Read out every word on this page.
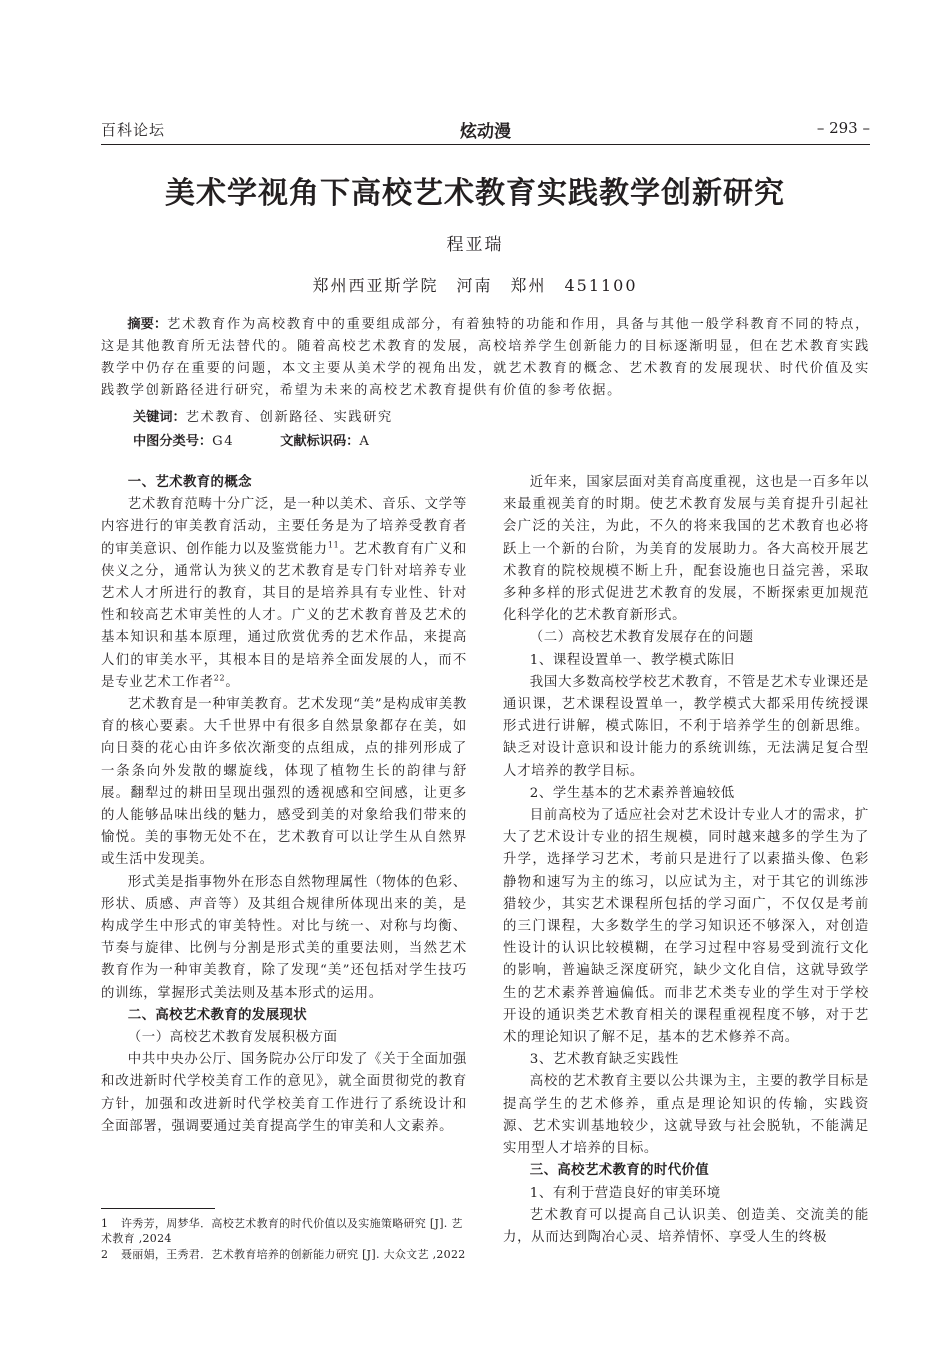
百科论坛	炫动漫	– 293 –
美术学视角下高校艺术教育实践教学创新研究
程亚瑞
郑州西亚斯学院　河南　郑州　451100

摘要：艺术教育作为高校教育中的重要组成部分，有着独特的功能和作用，具备与其他一般学科教育不同的特点，这是其他教育所无法替代的。随着高校艺术教育的发展，高校培养学生创新能力的目标逐渐明显，但在艺术教育实践教学中仍存在重要的问题，本文主要从美术学的视角出发，就艺术教育的概念、艺术教育的发展现状、时代价值及实践教学创新路径进行研究，希望为未来的高校艺术教育提供有价值的参考依据。

关键词：艺术教育、创新路径、实践研究
中图分类号：G4	文献标识码：A
一、艺术教育的概念

艺术教育范畴十分广泛，是一种以美术、音乐、文学等内容进行的审美教育活动，主要任务是为了培养受教育者的审美意识、创作能力以及鉴赏能力$^{11}$。艺术教育有广义和侠义之分，通常认为狭义的艺术教育是专门针对培养专业艺术人才所进行的教育，其目的是培养具有专业性、针对性和较高艺术审美性的人才。广义的艺术教育普及艺术的基本知识和基本原理，通过欣赏优秀的艺术作品，来提高人们的审美水平，其根本目的是培养全面发展的人，而不是专业艺术工作者$^{22}$。

艺术教育是一种审美教育。艺术发现“美”是构成审美教育的核心要素。大千世界中有很多自然景象都存在美，如向日葵的花心由许多依次渐变的点组成，点的排列形成了一条条向外发散的螺旋线，体现了植物生长的韵律与舒展。翻犁过的耕田呈现出强烈的透视感和空间感，让更多的人能够品味出线的魅力，感受到美的对象给我们带来的愉悦。美的事物无处不在，艺术教育可以让学生从自然界或生活中发现美。

形式美是指事物外在形态自然物理属性（物体的色彩、形状、质感、声音等）及其组合规律所体现出来的美，是构成学生中形式的审美特性。对比与统一、对称与均衡、节奏与旋律、比例与分割是形式美的重要法则，当然艺术教育作为一种审美教育，除了发现“美”还包括对学生技巧的训练，掌握形式美法则及基本形式的运用。

二、高校艺术教育的发展现状
（一）高校艺术教育发展积极方面

中共中央办公厅、国务院办公厅印发了《关于全面加强和改进新时代学校美育工作的意见》，就全面贯彻党的教育方针，加强和改进新时代学校美育工作进行了系统设计和全面部署，强调要通过美育提高学生的审美和人文素养。

1 许秀芳，周梦华．高校艺术教育的时代价值以及实施策略研究 [J]. 艺术教育 ,2024
2 聂丽娟，王秀君．艺术教育培养的创新能力研究 [J]. 大众文艺 ,2022

近年来，国家层面对美育高度重视，这也是一百多年以来最重视美育的时期。使艺术教育发展与美育提升引起社会广泛的关注，为此，不久的将来我国的艺术教育也必将跃上一个新的台阶，为美育的发展助力。各大高校开展艺术教育的院校规模不断上升，配套设施也日益完善，采取多种多样的形式促进艺术教育的发展，不断探索更加规范化科学化的艺术教育新形式。

（二）高校艺术教育发展存在的问题
1、课程设置单一、教学模式陈旧

我国大多数高校学校艺术教育，不管是艺术专业课还是通识课，艺术课程设置单一，教学模式大都采用传统授课形式进行讲解，模式陈旧，不利于培养学生的创新思维。缺乏对设计意识和设计能力的系统训练，无法满足复合型人才培养的教学目标。

2、学生基本的艺术素养普遍较低

目前高校为了适应社会对艺术设计专业人才的需求，扩大了艺术设计专业的招生规模，同时越来越多的学生为了升学，选择学习艺术，考前只是进行了以素描头像、色彩静物和速写为主的练习，以应试为主，对于其它的训练涉猎较少，其实艺术课程所包括的学习面广，不仅仅是考前的三门课程，大多数学生的学习知识还不够深入，对创造性设计的认识比较模糊，在学习过程中容易受到流行文化的影响，普遍缺乏深度研究，缺少文化自信，这就导致学生的艺术素养普遍偏低。而非艺术类专业的学生对于学校开设的通识类艺术教育相关的课程重视程度不够，对于艺术的理论知识了解不足，基本的艺术修养不高。

3、艺术教育缺乏实践性

高校的艺术教育主要以公共课为主，主要的教学目标是提高学生的艺术修养，重点是理论知识的传输，实践资源、艺术实训基地较少，这就导致与社会脱轨，不能满足实用型人才培养的目标。

三、高校艺术教育的时代价值
1、有利于营造良好的审美环境

艺术教育可以提高自己认识美、创造美、交流美的能力，从而达到陶冶心灵、培养情怀、享受人生的终极
